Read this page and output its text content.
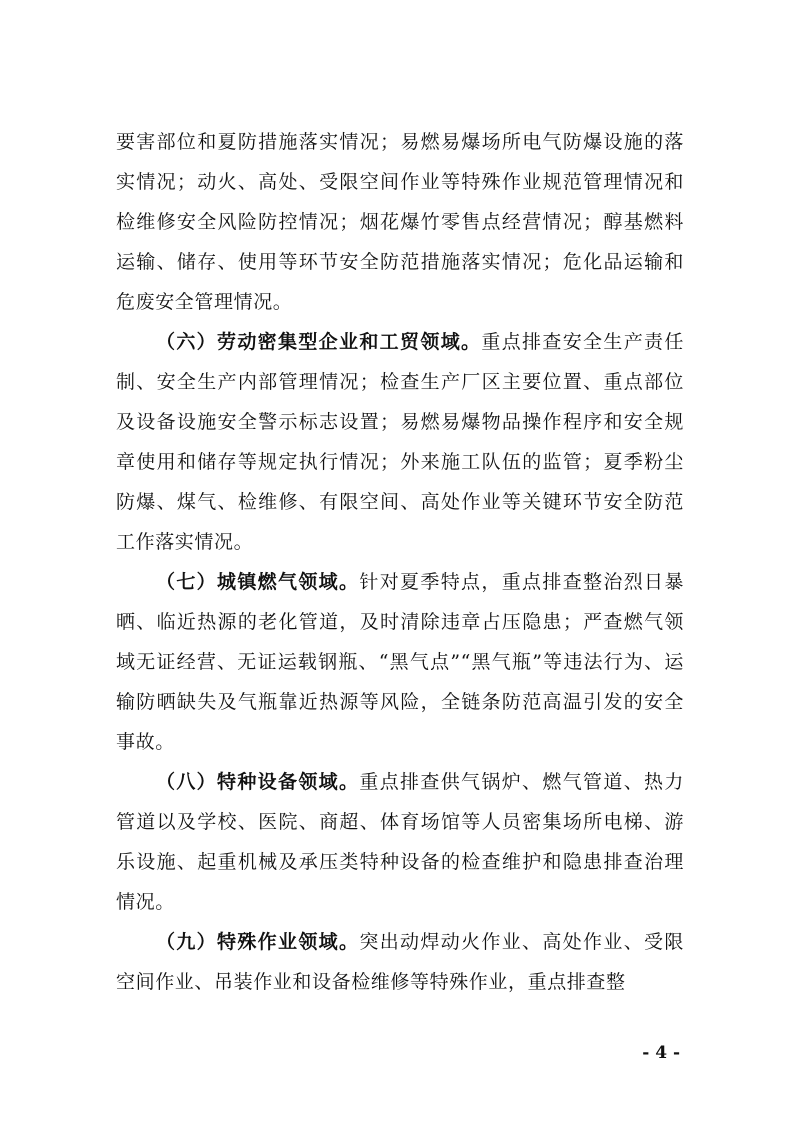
要害部位和夏防措施落实情况；易燃易爆场所电气防爆设施的落实情况；动火、高处、受限空间作业等特殊作业规范管理情况和检维修安全风险防控情况；烟花爆竹零售点经营情况；醇基燃料运输、储存、使用等环节安全防范措施落实情况；危化品运输和危废安全管理情况。

（六）劳动密集型企业和工贸领域。重点排查安全生产责任制、安全生产内部管理情况；检查生产厂区主要位置、重点部位及设备设施安全警示标志设置；易燃易爆物品操作程序和安全规章使用和储存等规定执行情况；外来施工队伍的监管；夏季粉尘防爆、煤气、检维修、有限空间、高处作业等关键环节安全防范工作落实情况。

（七）城镇燃气领域。针对夏季特点，重点排查整治烈日暴晒、临近热源的老化管道，及时清除违章占压隐患；严查燃气领域无证经营、无证运载钢瓶、“黑气点”“黑气瓶”等违法行为、运输防晒缺失及气瓶靠近热源等风险，全链条防范高温引发的安全事故。

（八）特种设备领域。重点排查供气锅炉、燃气管道、热力管道以及学校、医院、商超、体育场馆等人员密集场所电梯、游乐设施、起重机械及承压类特种设备的检查维护和隐患排查治理情况。

（九）特殊作业领域。突出动焊动火作业、高处作业、受限空间作业、吊装作业和设备检维修等特殊作业，重点排查整

- 4 -
